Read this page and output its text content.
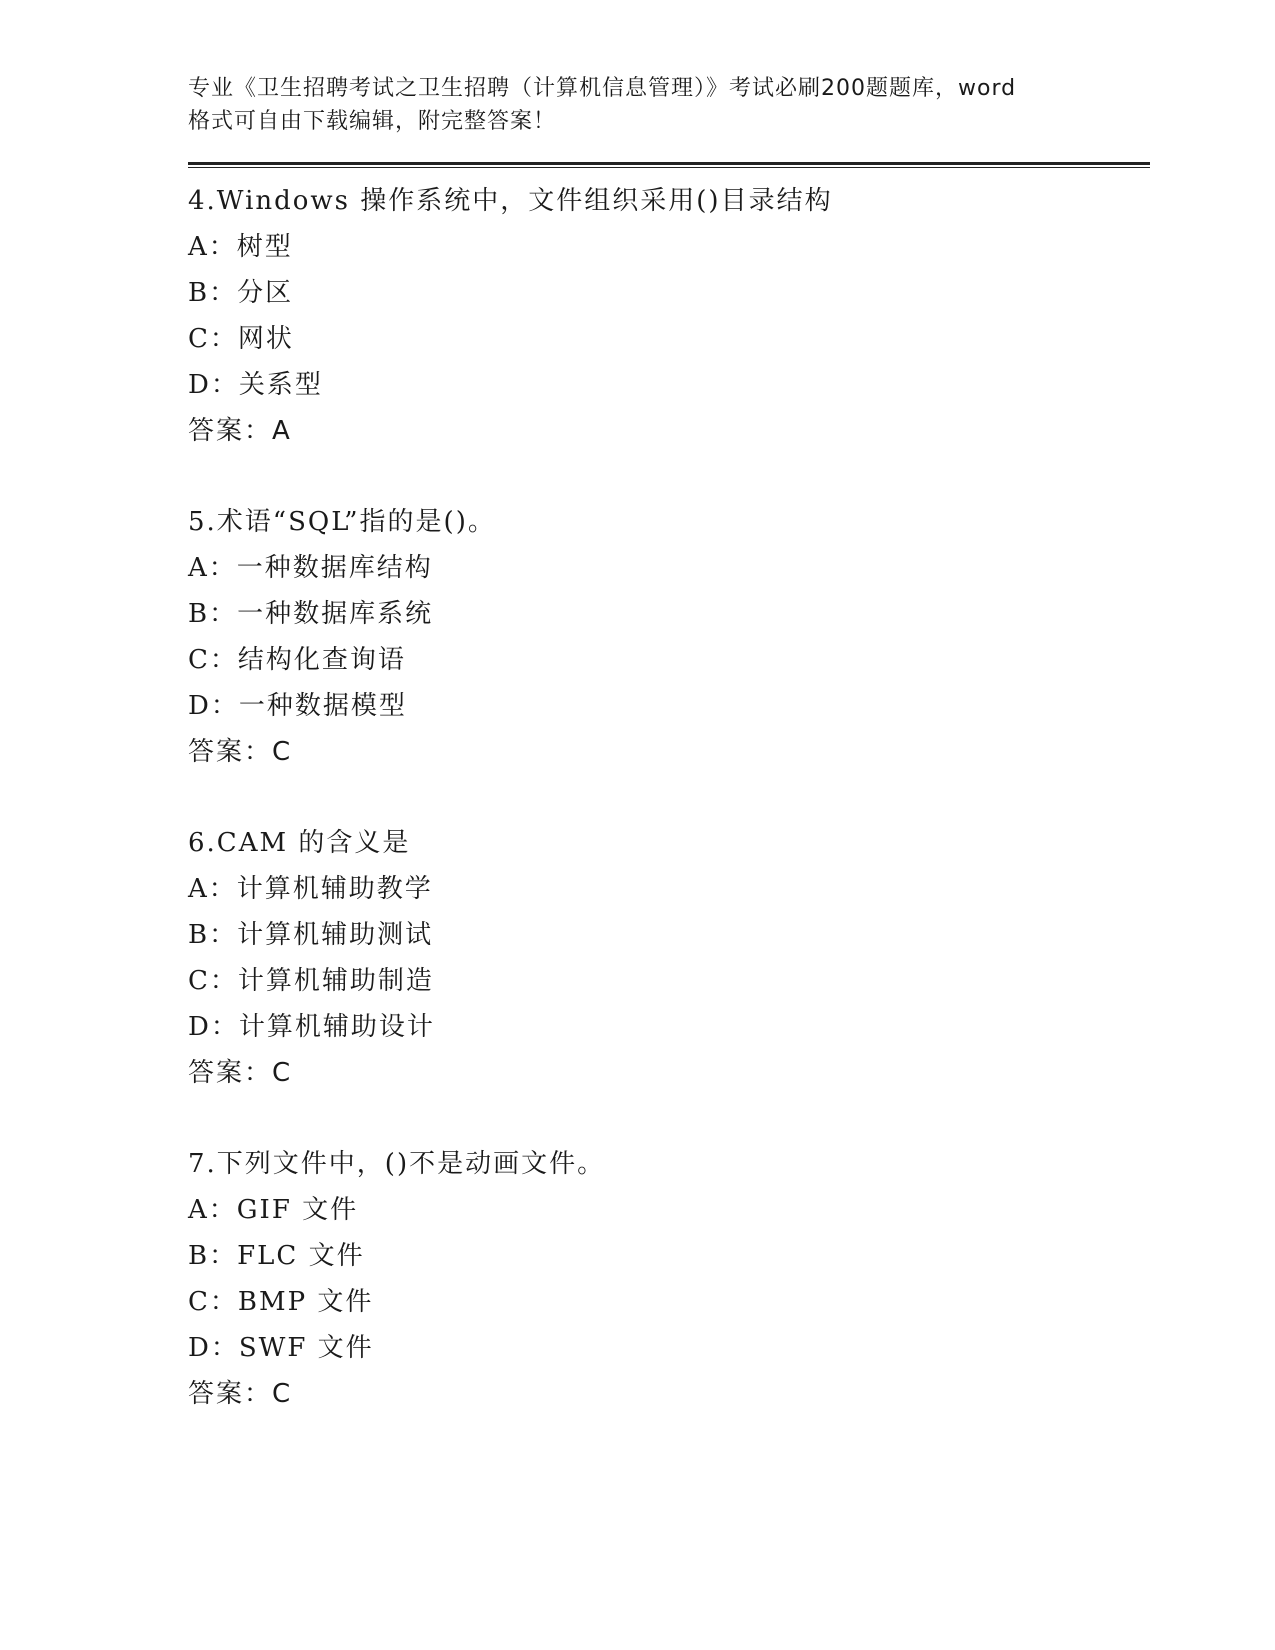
专业《卫生招聘考试之卫生招聘（计算机信息管理）》考试必刷200题题库，word
格式可自由下载编辑，附完整答案！
4.Windows 操作系统中，文件组织采用()目录结构
A：树型
B：分区
C：网状
D：关系型
答案：A
5.术语“SQL”指的是()。
A：一种数据库结构
B：一种数据库系统
C：结构化查询语
D：一种数据模型
答案：C
6.CAM 的含义是
A：计算机辅助教学
B：计算机辅助测试
C：计算机辅助制造
D：计算机辅助设计
答案：C
7.下列文件中，()不是动画文件。
A：GIF 文件
B：FLC 文件
C：BMP 文件
D：SWF 文件
答案：C
